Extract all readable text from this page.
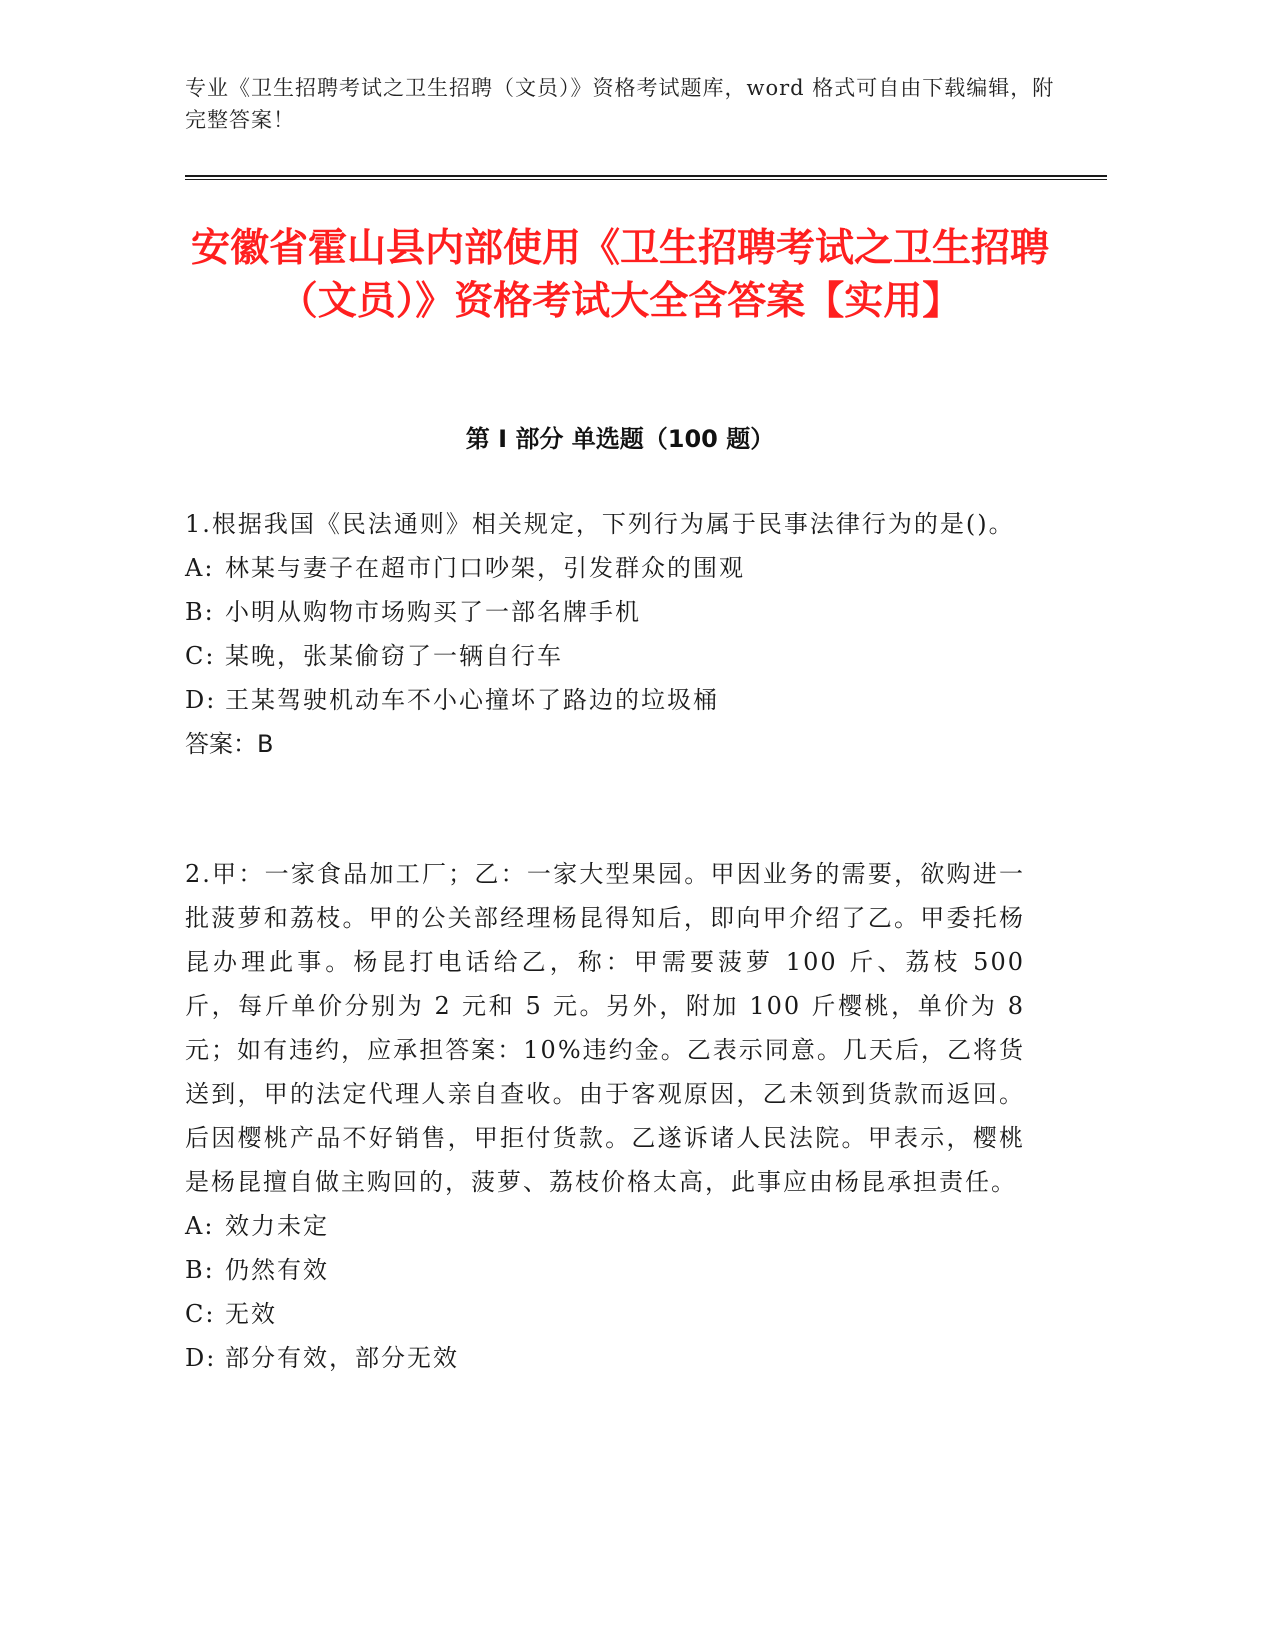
专业《卫生招聘考试之卫生招聘（文员）》资格考试题库，word 格式可自由下载编辑，附完整答案！
安徽省霍山县内部使用《卫生招聘考试之卫生招聘（文员）》资格考试大全含答案【实用】
第 I 部分 单选题（100 题）

1.根据我国《民法通则》相关规定，下列行为属于民事法律行为的是()。

A: 林某与妻子在超市门口吵架，引发群众的围观

B: 小明从购物市场购买了一部名牌手机

C: 某晚，张某偷窃了一辆自行车

D: 王某驾驶机动车不小心撞坏了路边的垃圾桶

答案：B

2.甲：一家食品加工厂；乙：一家大型果园。甲因业务的需要，欲购进一批菠萝和荔枝。甲的公关部经理杨昆得知后，即向甲介绍了乙。甲委托杨昆办理此事。杨昆打电话给乙，称：甲需要菠萝 100 斤、荔枝 500 斤，每斤单价分别为 2 元和 5 元。另外，附加 100 斤樱桃，单价为 8 元；如有违约，应承担答案：10%违约金。乙表示同意。几天后，乙将货送到，甲的法定代理人亲自查收。由于客观原因，乙未领到货款而返回。后因樱桃产品不好销售，甲拒付货款。乙遂诉诸人民法院。甲表示，樱桃是杨昆擅自做主购回的，菠萝、荔枝价格太高，此事应由杨昆承担责任。

A: 效力未定

B: 仍然有效

C: 无效

D: 部分有效，部分无效
